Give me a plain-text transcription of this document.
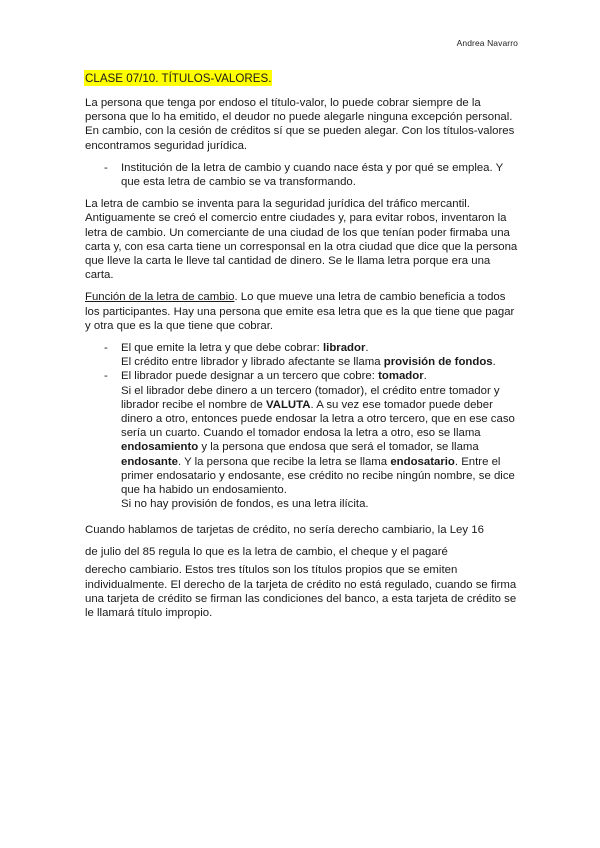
Andrea Navarro
CLASE 07/10. TÍTULOS-VALORES.

La persona que tenga por endoso el título-valor, lo puede cobrar siempre de la persona que lo ha emitido, el deudor no puede alegarle ninguna excepción personal. En cambio, con la cesión de créditos sí que se pueden alegar. Con los títulos-valores encontramos seguridad jurídica.

- Institución de la letra de cambio y cuando nace ésta y por qué se emplea. Y que esta letra de cambio se va transformando.

La letra de cambio se inventa para la seguridad jurídica del tráfico mercantil. Antiguamente se creó el comercio entre ciudades y, para evitar robos, inventaron la letra de cambio. Un comerciante de una ciudad de los que tenían poder firmaba una carta y, con esa carta tiene un corresponsal en la otra ciudad que dice que la persona que lleve la carta le lleve tal cantidad de dinero. Se le llama letra porque era una carta.

Función de la letra de cambio. Lo que mueve una letra de cambio beneficia a todos los participantes. Hay una persona que emite esa letra que es la que tiene que pagar y otra que es la que tiene que cobrar.

- El que emite la letra y que debe cobrar: librador.
El crédito entre librador y librado afectante se llama provisión de fondos.
- El librador puede designar a un tercero que cobre: tomador.
Si el librador debe dinero a un tercero (tomador), el crédito entre tomador y librador recibe el nombre de VALUTA. A su vez ese tomador puede deber dinero a otro, entonces puede endosar la letra a otro tercero, que en ese caso sería un cuarto. Cuando el tomador endosa la letra a otro, eso se llama endosamiento y la persona que endosa que será el tomador, se llama endosante. Y la persona que recibe la letra se llama endosatario. Entre el primer endosatario y endosante, ese crédito no recibe ningún nombre, se dice que ha habido un endosamiento.
Si no hay provisión de fondos, es una letra ilícita.

Cuando hablamos de tarjetas de crédito, no sería derecho cambiario, la Ley 16
de julio del 85 regula lo que es la letra de cambio, el cheque y el pagaré

derecho cambiario. Estos tres títulos son los títulos propios que se emiten individualmente. El derecho de la tarjeta de crédito no está regulado, cuando se firma una tarjeta de crédito se firman las condiciones del banco, a esta tarjeta de crédito se le llamará título impropio.
